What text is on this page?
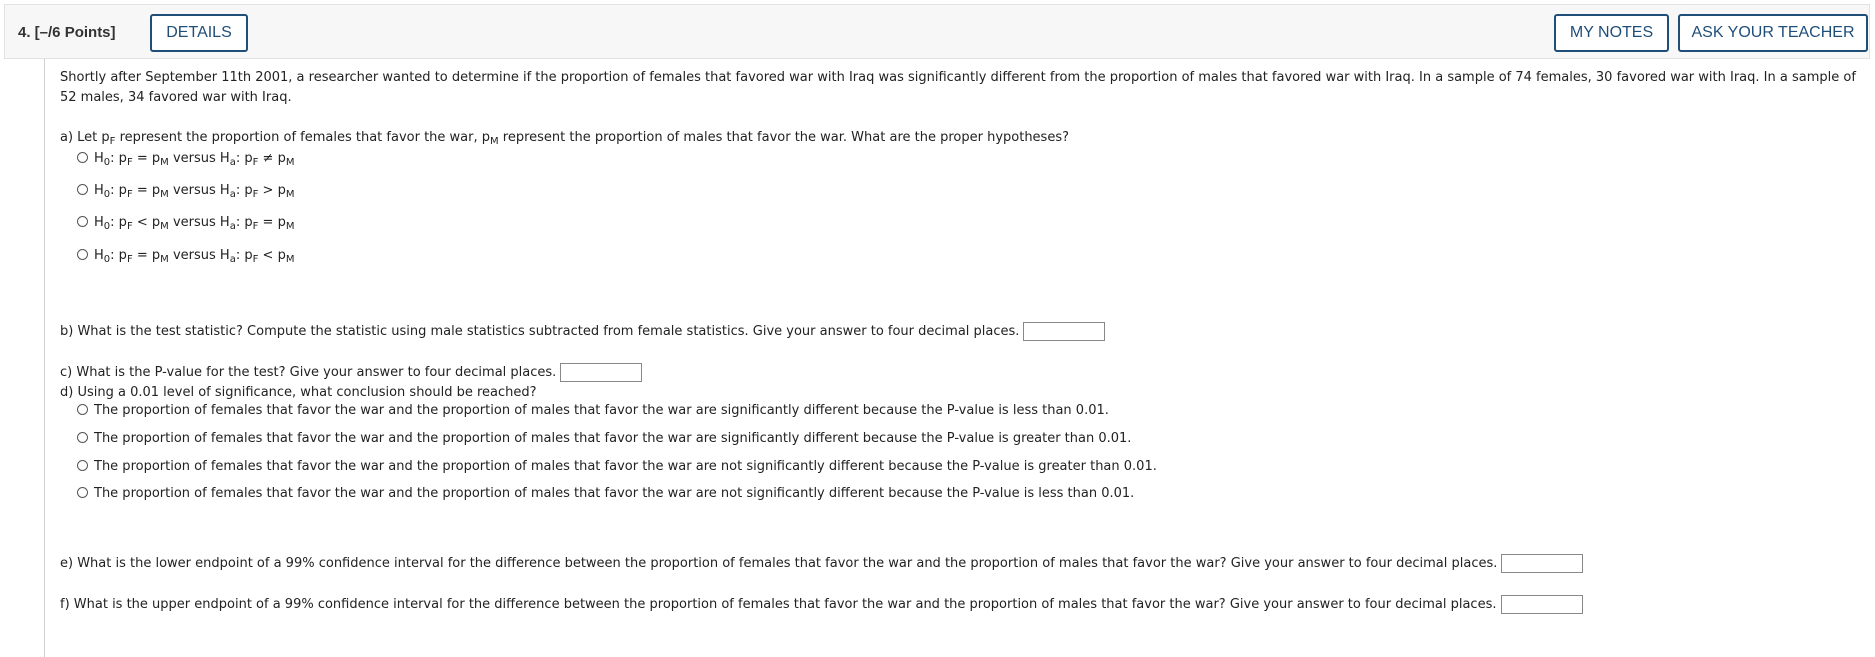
4. [–/6 Points]	DETAILS	MY NOTES	ASK YOUR TEACHER
Shortly after September 11th 2001, a researcher wanted to determine if the proportion of females that favored war with Iraq was significantly different from the proportion of males that favored war with Iraq. In a sample of 74 females, 30 favored war with Iraq. In a sample of 52 males, 34 favored war with Iraq.
a) Let $p_F$ represent the proportion of females that favor the war, $p_M$ represent the proportion of males that favor the war. What are the proper hypotheses?
$H_0$: $p_F = p_M$ versus $H_a$: $p_F \ne p_M$
$H_0$: $p_F = p_M$ versus $H_a$: $p_F > p_M$
$H_0$: $p_F < p_M$ versus $H_a$: $p_F = p_M$
$H_0$: $p_F = p_M$ versus $H_a$: $p_F < p_M$
b) What is the test statistic? Compute the statistic using male statistics subtracted from female statistics. Give your answer to four decimal places.
c) What is the P-value for the test? Give your answer to four decimal places.
d) Using a 0.01 level of significance, what conclusion should be reached?
The proportion of females that favor the war and the proportion of males that favor the war are significantly different because the P-value is less than 0.01.
The proportion of females that favor the war and the proportion of males that favor the war are significantly different because the P-value is greater than 0.01.
The proportion of females that favor the war and the proportion of males that favor the war are not significantly different because the P-value is greater than 0.01.
The proportion of females that favor the war and the proportion of males that favor the war are not significantly different because the P-value is less than 0.01.
e) What is the lower endpoint of a 99% confidence interval for the difference between the proportion of females that favor the war and the proportion of males that favor the war? Give your answer to four decimal places.
f) What is the upper endpoint of a 99% confidence interval for the difference between the proportion of females that favor the war and the proportion of males that favor the war? Give your answer to four decimal places.
